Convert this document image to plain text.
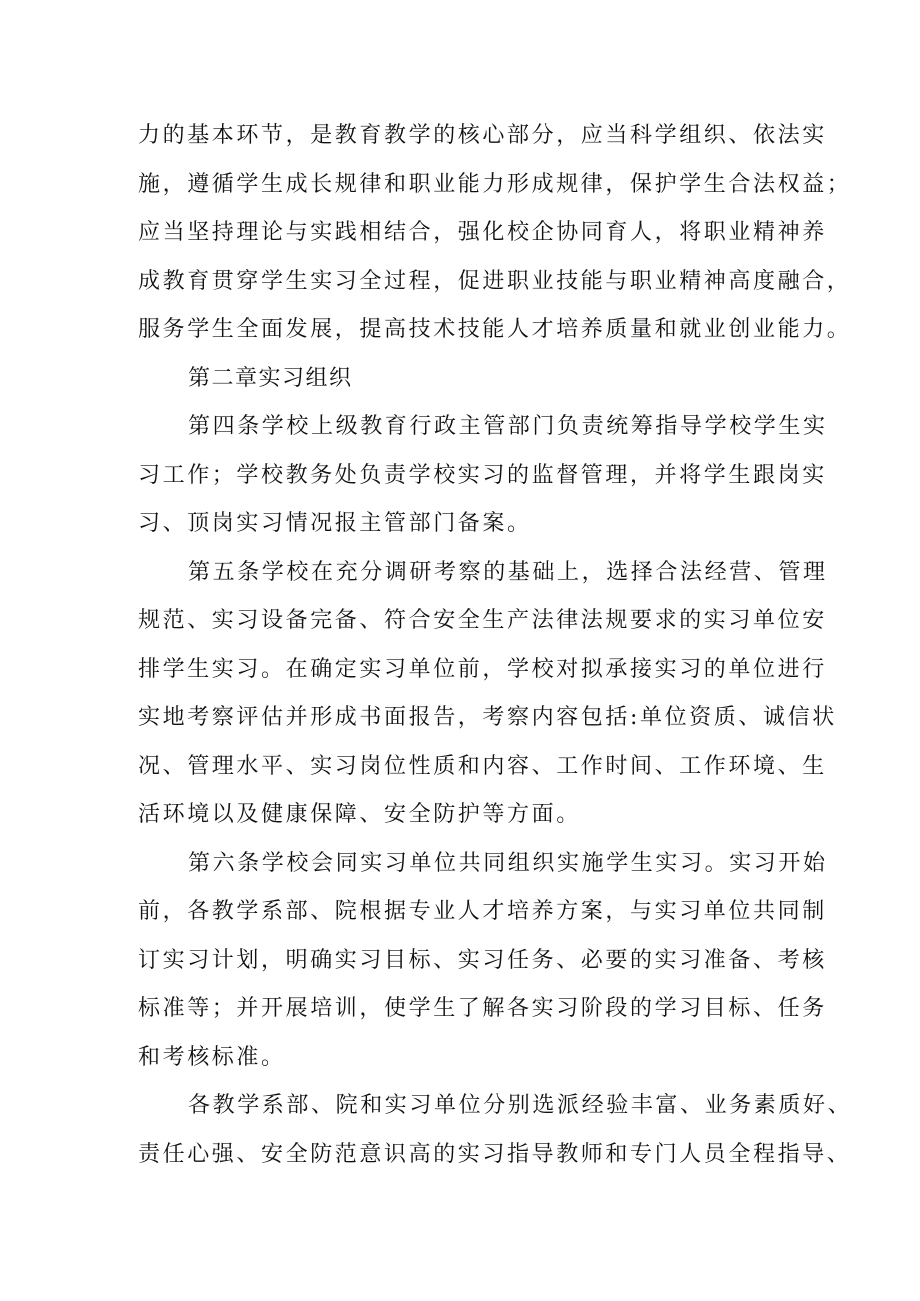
力的基本环节，是教育教学的核心部分，应当科学组织、依法实
施，遵循学生成长规律和职业能力形成规律，保护学生合法权益；
应当坚持理论与实践相结合，强化校企协同育人，将职业精神养
成教育贯穿学生实习全过程，促进职业技能与职业精神高度融合，
服务学生全面发展，提高技术技能人才培养质量和就业创业能力。
第二章实习组织
第四条学校上级教育行政主管部门负责统筹指导学校学生实
习工作；学校教务处负责学校实习的监督管理，并将学生跟岗实
习、顶岗实习情况报主管部门备案。
第五条学校在充分调研考察的基础上，选择合法经营、管理
规范、实习设备完备、符合安全生产法律法规要求的实习单位安
排学生实习。在确定实习单位前，学校对拟承接实习的单位进行
实地考察评估并形成书面报告，考察内容包括:单位资质、诚信状
况、管理水平、实习岗位性质和内容、工作时间、工作环境、生
活环境以及健康保障、安全防护等方面。
第六条学校会同实习单位共同组织实施学生实习。实习开始
前，各教学系部、院根据专业人才培养方案，与实习单位共同制
订实习计划，明确实习目标、实习任务、必要的实习准备、考核
标准等；并开展培训，使学生了解各实习阶段的学习目标、任务
和考核标准。
各教学系部、院和实习单位分别选派经验丰富、业务素质好、
责任心强、安全防范意识高的实习指导教师和专门人员全程指导、
